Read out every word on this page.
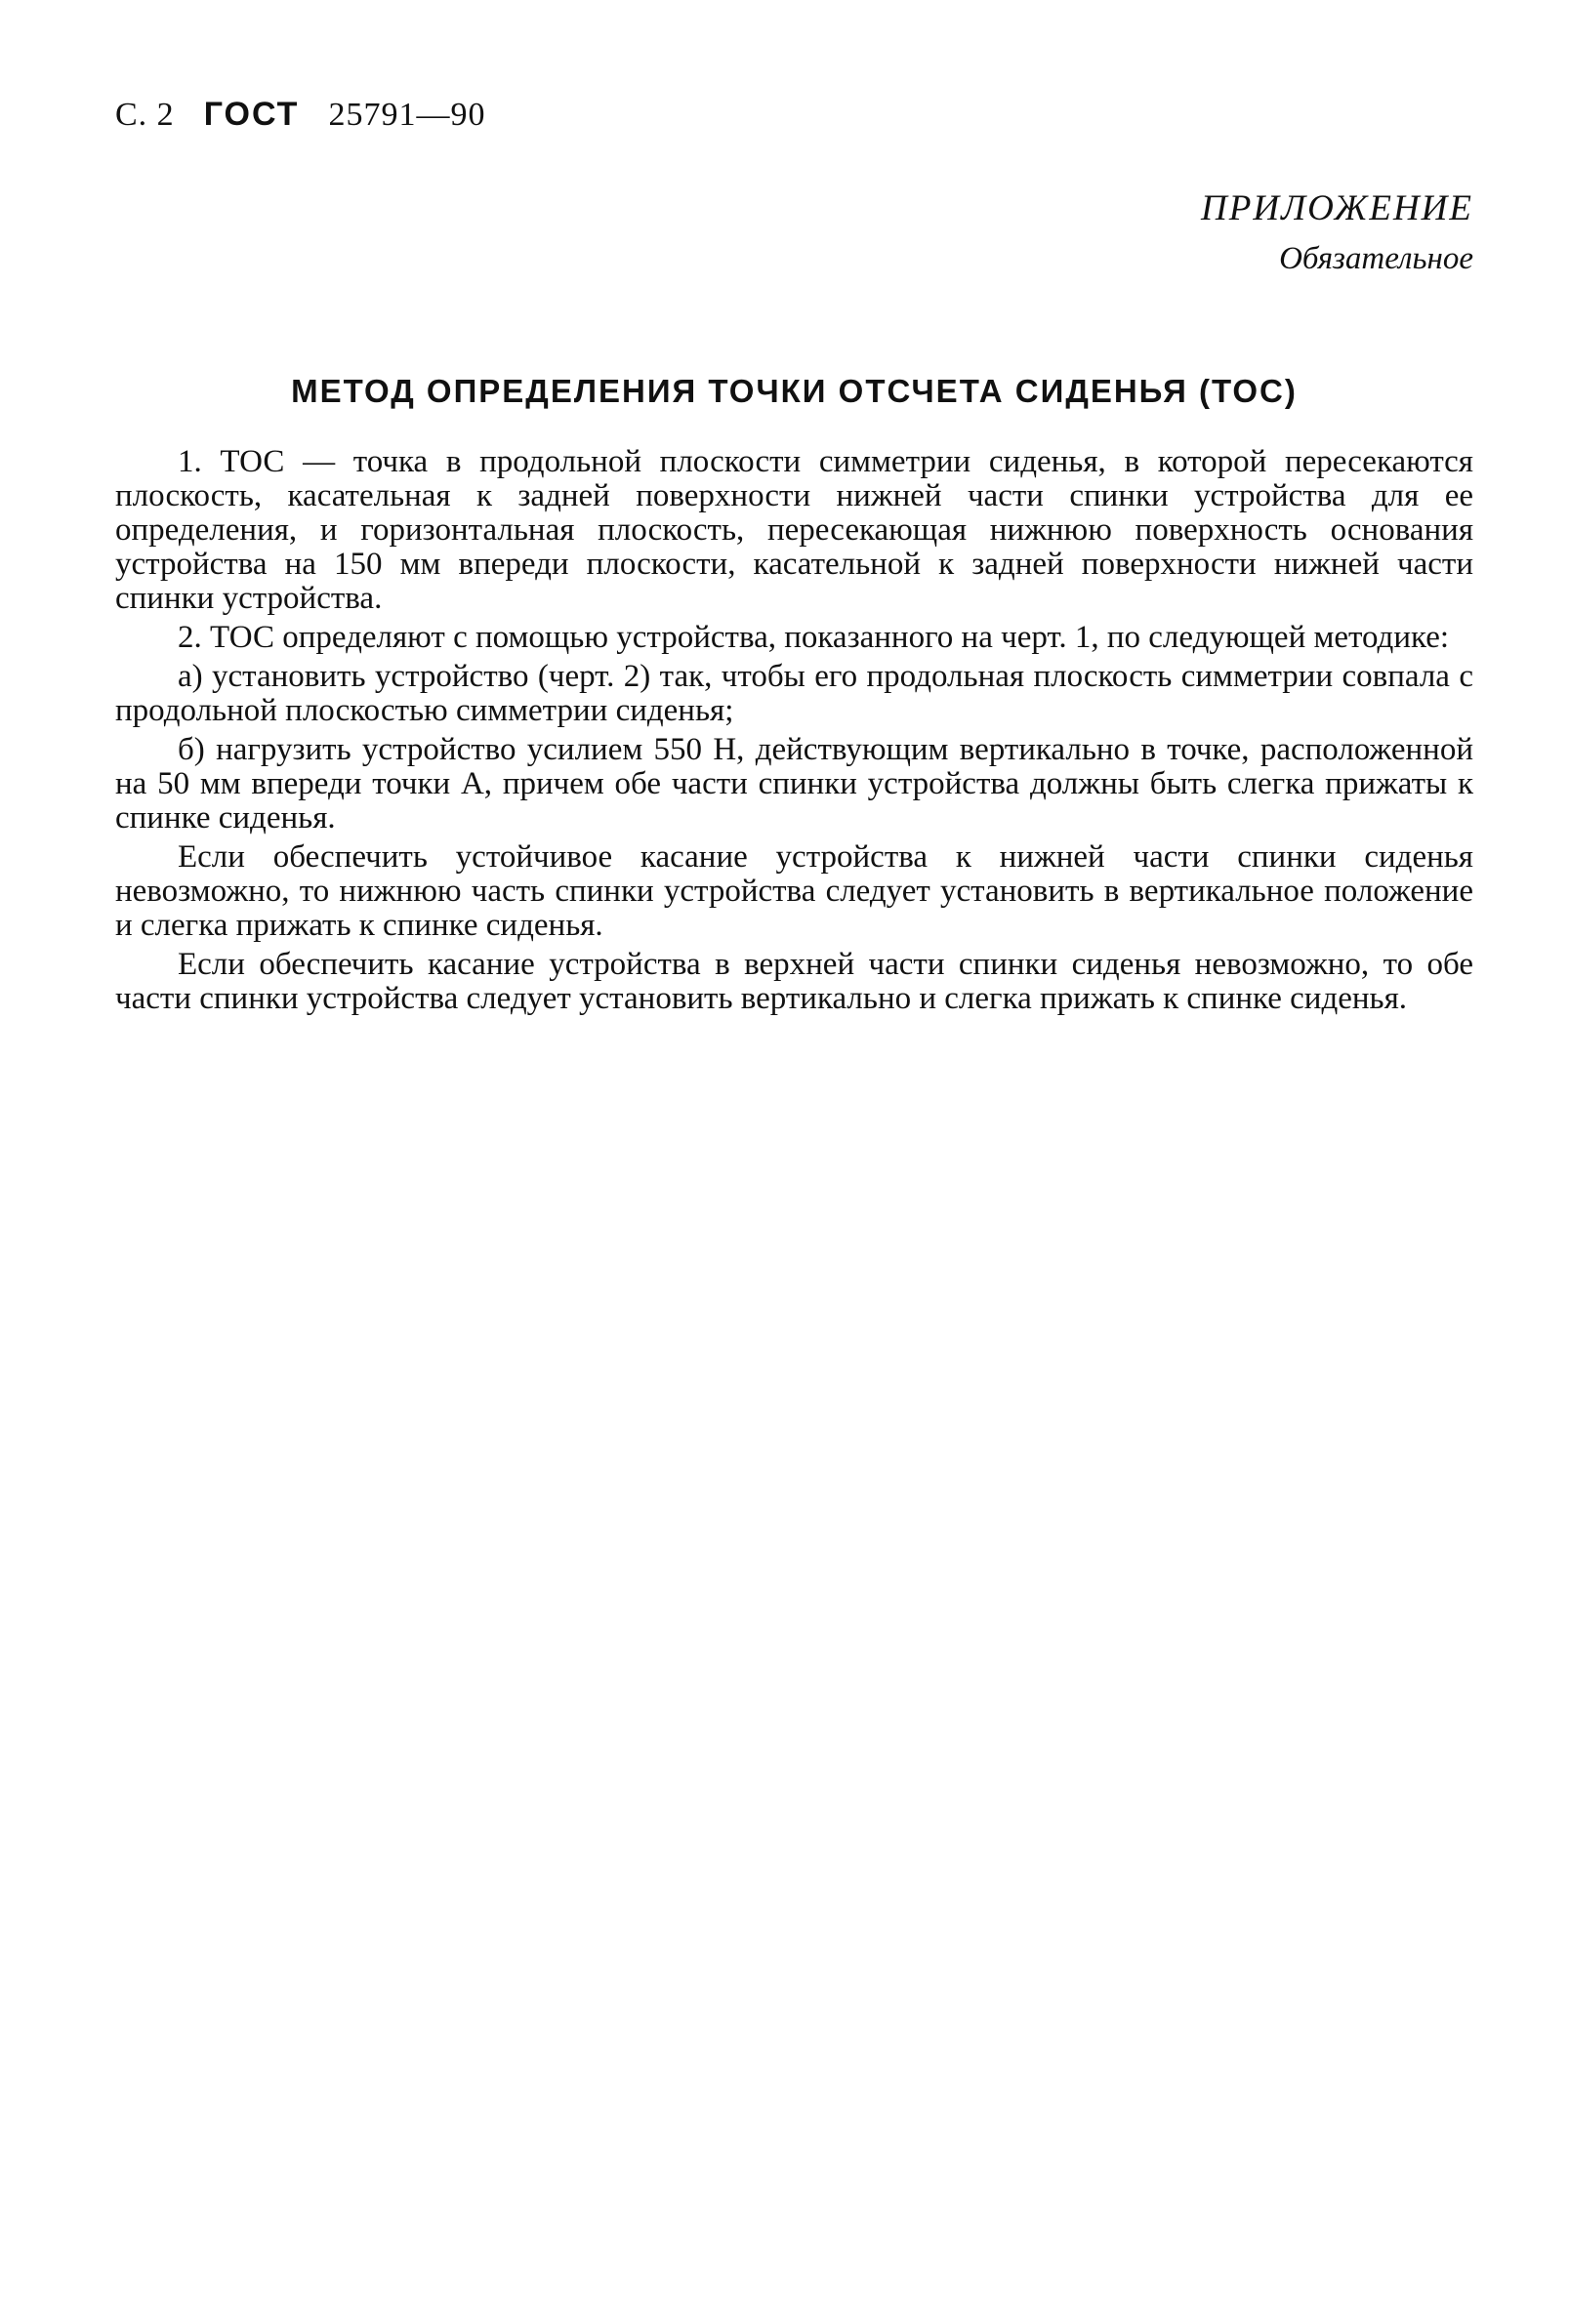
С. 2 ГОСТ 25791—90
ПРИЛОЖЕНИЕ
Обязательное
МЕТОД ОПРЕДЕЛЕНИЯ ТОЧКИ ОТСЧЕТА СИДЕНЬЯ (ТОС)

1. ТОС — точка в продольной плоскости симметрии сиденья, в которой пересекаются плоскость, касательная к задней поверхности нижней части спинки устройства для ее определения, и горизонтальная плоскость, пересекающая нижнюю поверхность основания устройства на 150 мм впереди плоскости, касательной к задней поверхности нижней части спинки устройства.

2. ТОС определяют с помощью устройства, показанного на черт. 1, по следующей методике:

а) установить устройство (черт. 2) так, чтобы его продольная плоскость симметрии совпала с продольной плоскостью симметрии сиденья;

б) нагрузить устройство усилием 550 Н, действующим вертикально в точке, расположенной на 50 мм впереди точки А, причем обе части спинки устройства должны быть слегка прижаты к спинке сиденья.

Если обеспечить устойчивое касание устройства к нижней части спинки сиденья невозможно, то нижнюю часть спинки устройства следует установить в вертикальное положение и слегка прижать к спинке сиденья.

Если обеспечить касание устройства в верхней части спинки сиденья невозможно, то обе части спинки устройства следует установить вертикально и слегка прижать к спинке сиденья.
